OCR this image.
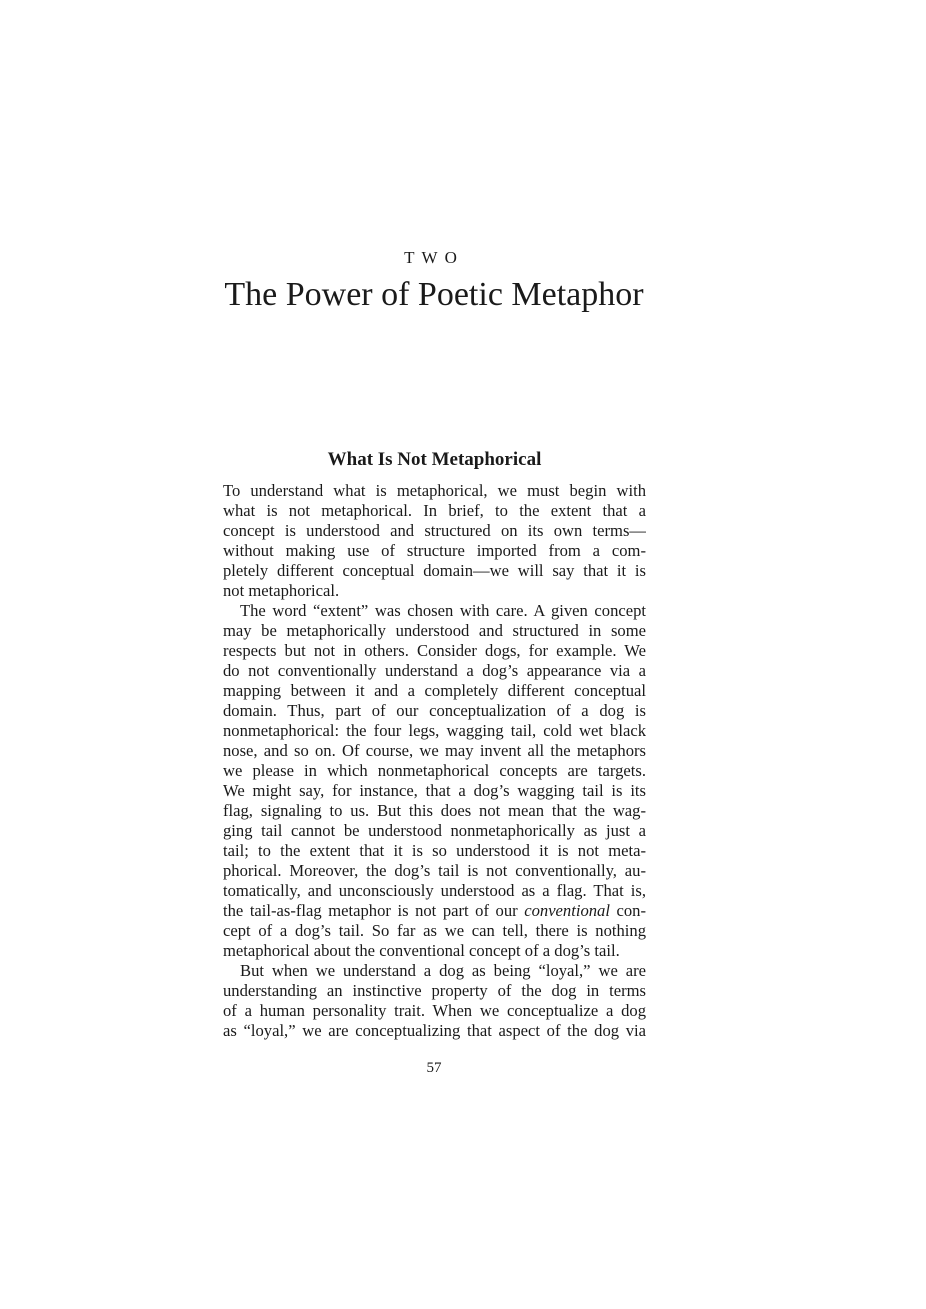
TWO
The Power of Poetic Metaphor
What Is Not Metaphorical
To understand what is metaphorical, we must begin with
what is not metaphorical. In brief, to the extent that a
concept is understood and structured on its own terms—
without making use of structure imported from a com-
pletely different conceptual domain—we will say that it is
not metaphorical.
The word “extent” was chosen with care. A given concept
may be metaphorically understood and structured in some
respects but not in others. Consider dogs, for example. We
do not conventionally understand a dog’s appearance via a
mapping between it and a completely different conceptual
domain. Thus, part of our conceptualization of a dog is
nonmetaphorical: the four legs, wagging tail, cold wet black
nose, and so on. Of course, we may invent all the metaphors
we please in which nonmetaphorical concepts are targets.
We might say, for instance, that a dog’s wagging tail is its
flag, signaling to us. But this does not mean that the wag-
ging tail cannot be understood nonmetaphorically as just a
tail; to the extent that it is so understood it is not meta-
phorical. Moreover, the dog’s tail is not conventionally, au-
tomatically, and unconsciously understood as a flag. That is,
the tail-as-flag metaphor is not part of our conventional con-
cept of a dog’s tail. So far as we can tell, there is nothing
metaphorical about the conventional concept of a dog’s tail.
But when we understand a dog as being “loyal,” we are
understanding an instinctive property of the dog in terms
of a human personality trait. When we conceptualize a dog
as “loyal,” we are conceptualizing that aspect of the dog via
57
